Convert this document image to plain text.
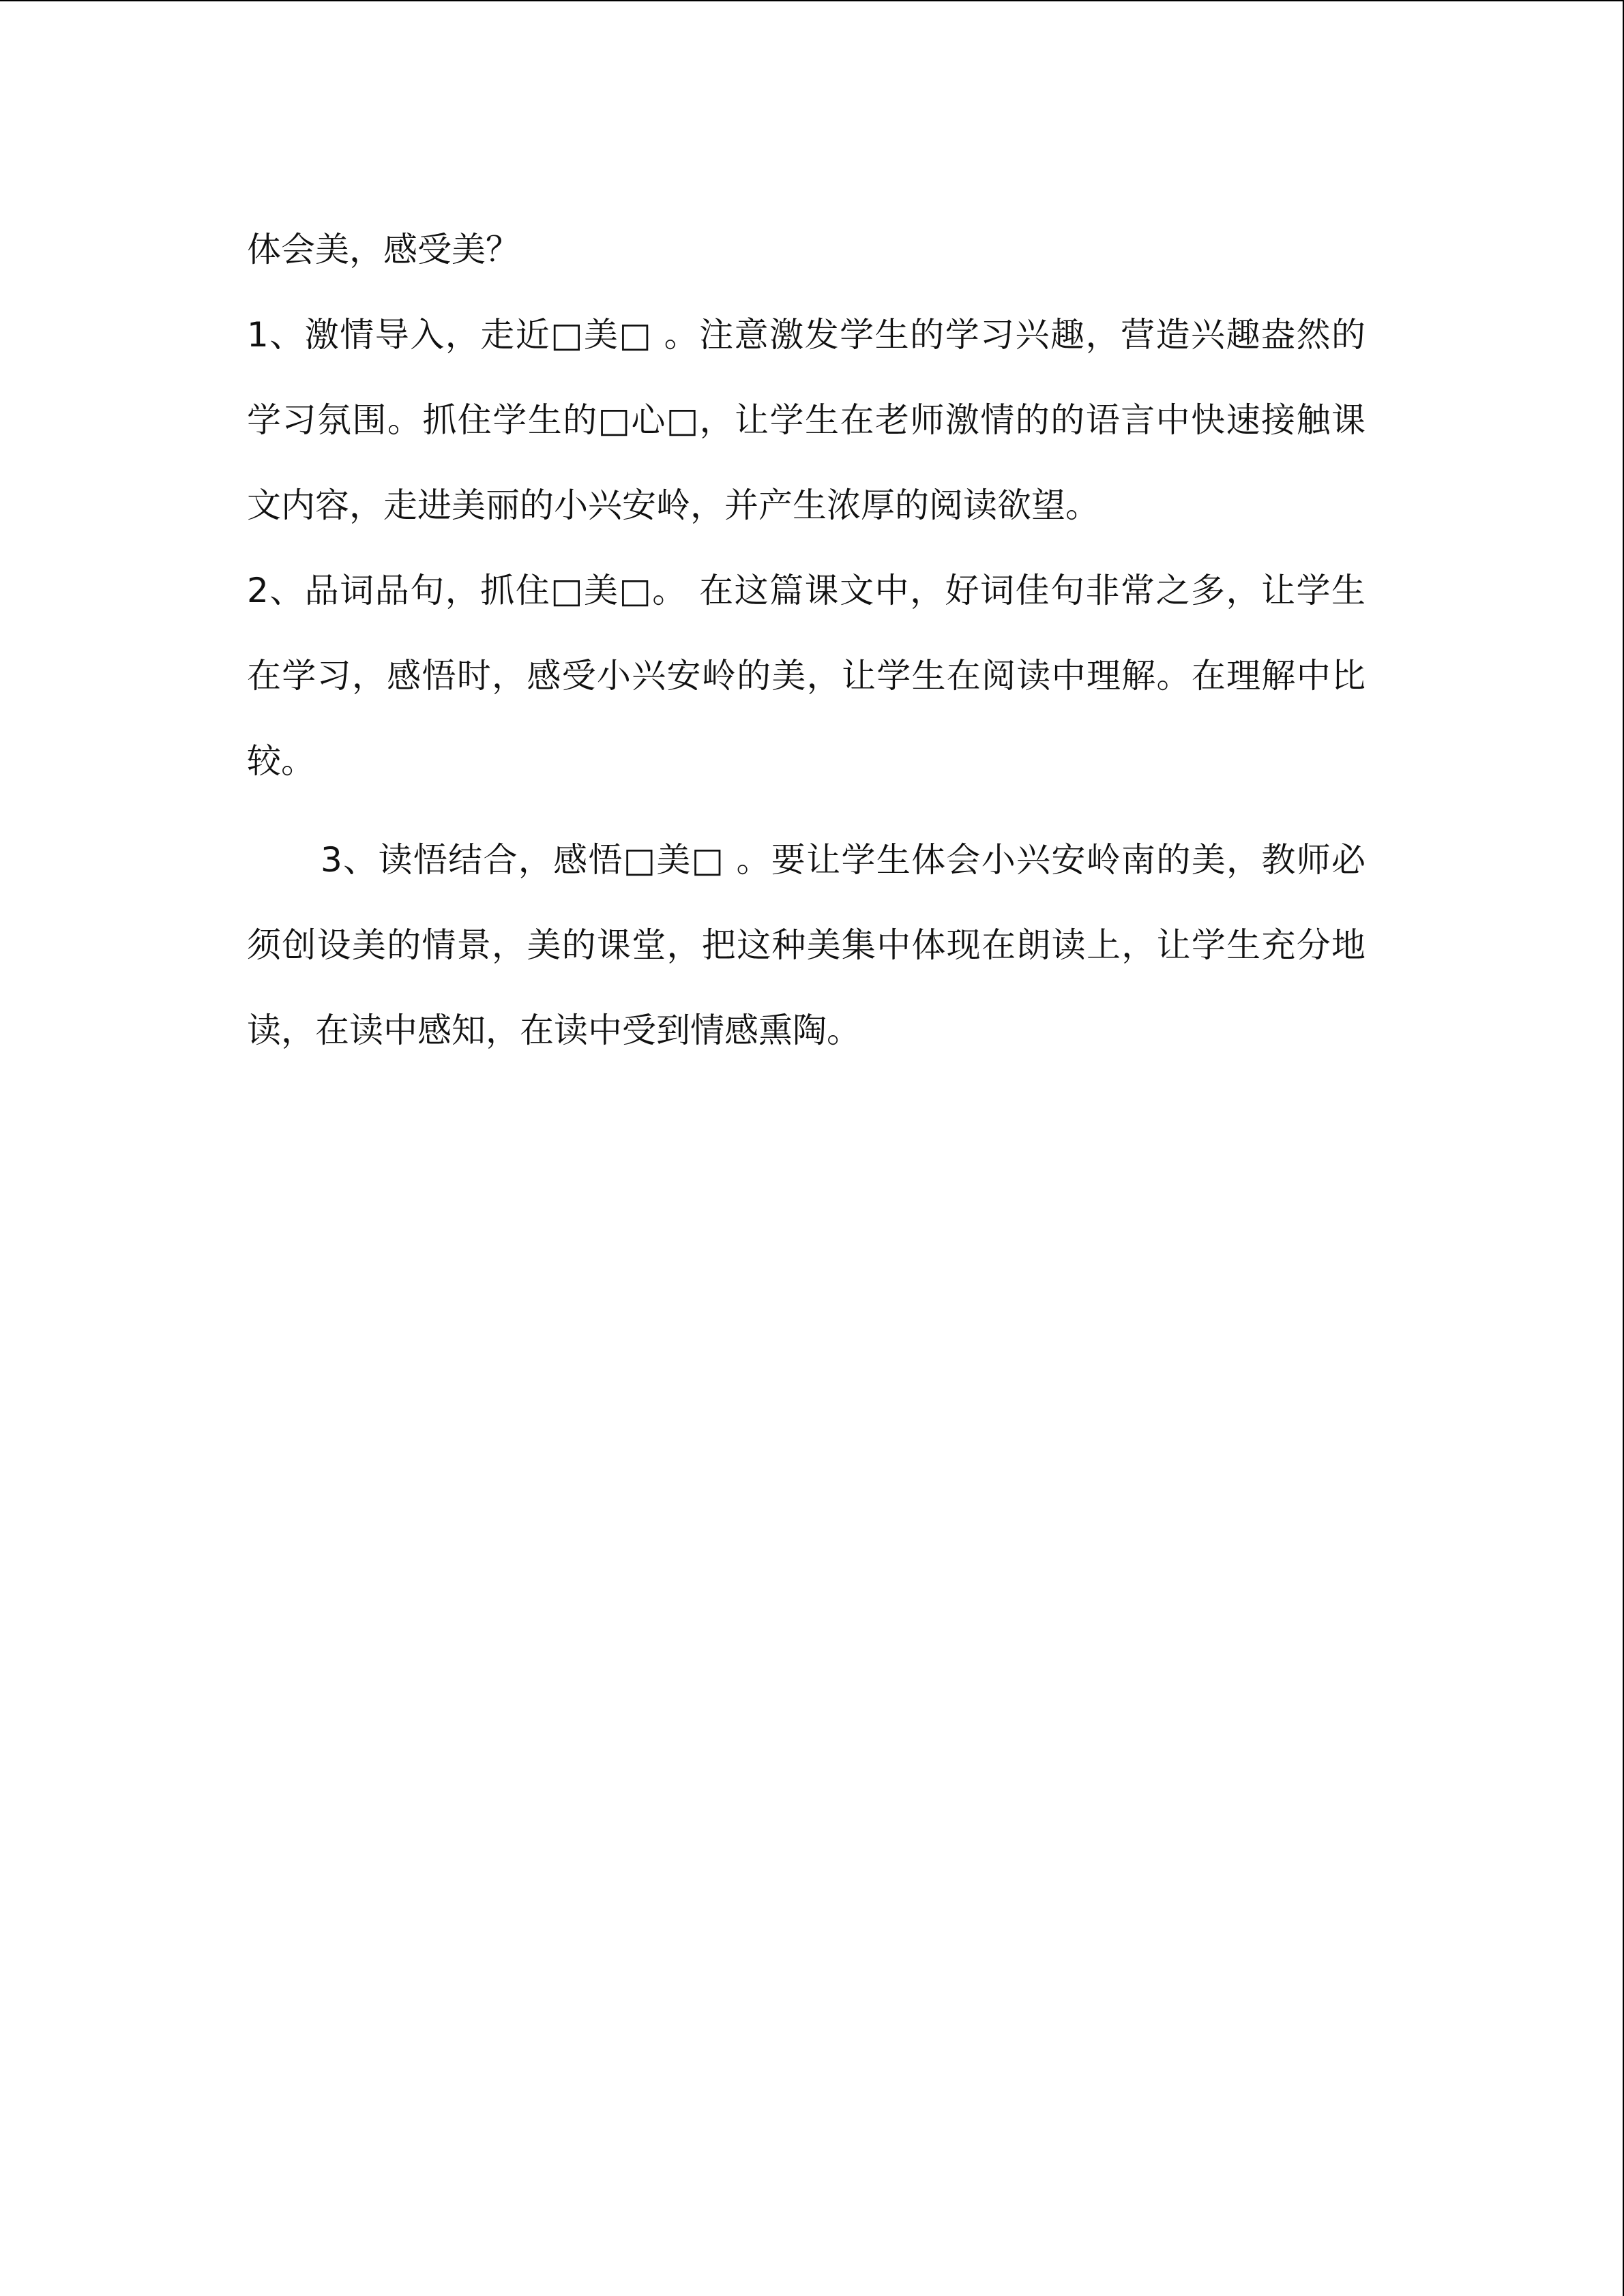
体会美，感受美？

1、激情导入，走近□美□ 。注意激发学生的学习兴趣，营造兴趣盎然的学习氛围。抓住学生的□心□，让学生在老师激情的的语言中快速接触课文内容，走进美丽的小兴安岭，并产生浓厚的阅读欲望。

2、品词品句，抓住□美□。 在这篇课文中，好词佳句非常之多，让学生在学习，感悟时，感受小兴安岭的美，让学生在阅读中理解。在理解中比较。

3、读悟结合，感悟□美□ 。要让学生体会小兴安岭南的美，教师必须创设美的情景，美的课堂，把这种美集中体现在朗读上，让学生充分地读，在读中感知，在读中受到情感熏陶。
